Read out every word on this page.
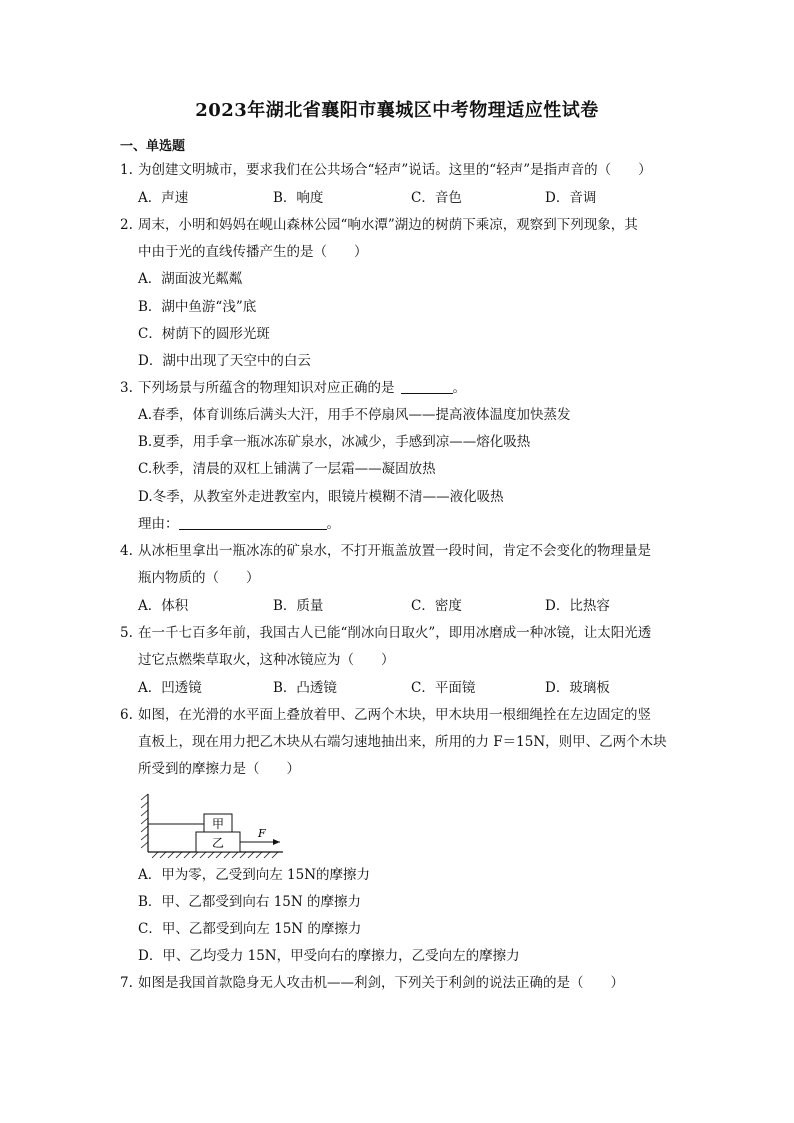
2023年湖北省襄阳市襄城区中考物理适应性试卷
一、单选题
1. 为创建文明城市，要求我们在公共场合“轻声”说话。这里的“轻声”是指声音的（　　）
A．声速	B．响度	C．音色	D．音调
2. 周末，小明和妈妈在岘山森林公园“响水潭”湖边的树荫下乘凉，观察到下列现象，其
中由于光的直线传播产生的是（　　）
A．湖面波光粼粼
B．湖中鱼游“浅”底
C．树荫下的圆形光斑
D．湖中出现了天空中的白云
3. 下列场景与所蕴含的物理知识对应正确的是	。
A.春季，体育训练后满头大汗，用手不停扇风——提高液体温度加快蒸发
B.夏季，用手拿一瓶冰冻矿泉水，冰减少，手感到凉——熔化吸热
C.秋季，清晨的双杠上铺满了一层霜——凝固放热
D.冬季，从教室外走进教室内，眼镜片模糊不清——液化吸热
理由：	。
4. 从冰柜里拿出一瓶冰冻的矿泉水，不打开瓶盖放置一段时间，肯定不会变化的物理量是
瓶内物质的（　　）
A．体积	B．质量	C．密度	D．比热容
5. 在一千七百多年前，我国古人已能“削冰向日取火”，即用冰磨成一种冰镜，让太阳光透
过它点燃柴草取火，这种冰镜应为（　　）
A．凹透镜	B．凸透镜	C．平面镜	D．玻璃板
6. 如图，在光滑的水平面上叠放着甲、乙两个木块，甲木块用一根细绳拴在左边固定的竖
直板上，现在用力把乙木块从右端匀速地抽出来，所用的力 F＝15N，则甲、乙两个木块
所受到的摩擦力是（　　）
甲
乙
F
A．甲为零，乙受到向左 15N的摩擦力
B．甲、乙都受到向右 15N 的摩擦力
C．甲、乙都受到向左 15N 的摩擦力
D．甲、乙均受力 15N，甲受向右的摩擦力，乙受向左的摩擦力
7. 如图是我国首款隐身无人攻击机——利剑，下列关于利剑的说法正确的是（　　）
